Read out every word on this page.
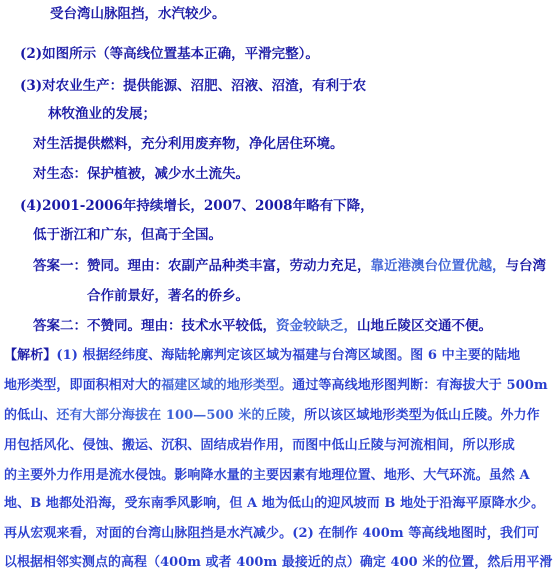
受台湾山脉阻挡，水汽较少。
(2)如图所示（等高线位置基本正确，平滑完整）。
(3)对农业生产：提供能源、沼肥、沼液、沼渣，有利于农
林牧渔业的发展；
对生活提供燃料，充分利用废弃物，净化居住环境。
对生态：保护植被，减少水土流失。
(4)2001-2006年持续增长，2007、2008年略有下降，
低于浙江和广东，但高于全国。
答案一：赞同。理由：农副产品种类丰富，劳动力充足，靠近港澳台位置优越，与台湾
合作前景好，著名的侨乡。
答案二：不赞同。理由：技术水平较低，资金较缺乏，山地丘陵区交通不便。
【解析】(1) 根据经纬度、海陆轮廓判定该区域为福建与台湾区域图。图 6 中主要的陆地
地形类型，即面积相对大的福建区域的地形类型。通过等高线地形图判断：有海拔大于 500m
的低山、还有大部分海拔在 100—500 米的丘陵，所以该区域地形类型为低山丘陵。外力作
用包括风化、侵蚀、搬运、沉积、固结成岩作用，而图中低山丘陵与河流相间，所以形成
的主要外力作用是流水侵蚀。影响降水量的主要因素有地理位置、地形、大气环流。虽然 A
地、B 地都处沿海，受东南季风影响，但 A 地为低山的迎风坡而 B 地处于沿海平原降水少。
再从宏观来看，对面的台湾山脉阻挡是水汽减少。(2) 在制作 400m 等高线地图时，我们可
以根据相邻实测点的高程（400m 或者 400m 最接近的点）确定 400 米的位置，然后用平滑
